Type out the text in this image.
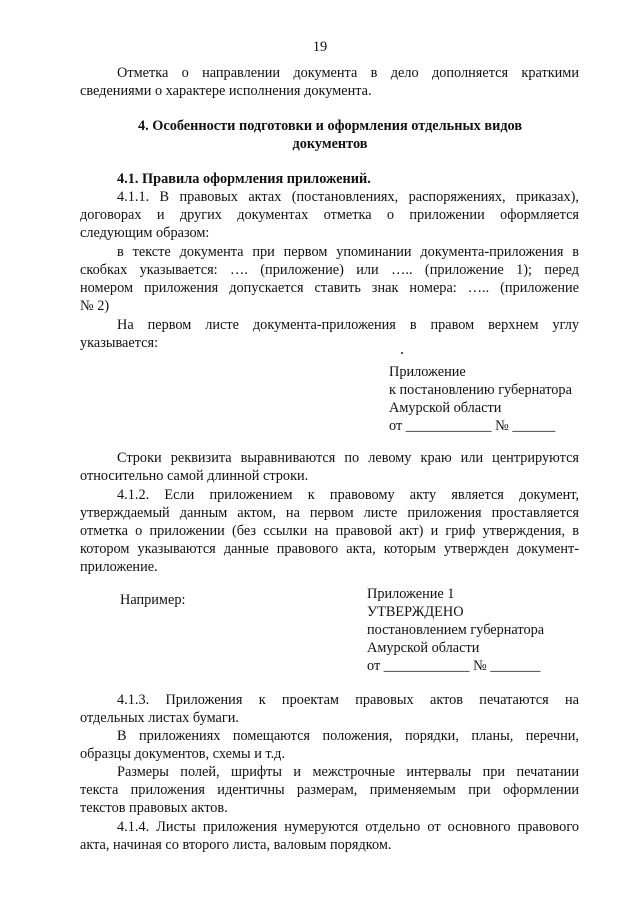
19
Отметка о направлении документа в дело дополняется краткими
сведениями о характере исполнения документа.
4. Особенности подготовки и оформления отдельных видов
документов
4.1. Правила оформления приложений.
4.1.1. В правовых актах (постановлениях, распоряжениях, приказах),
договорах и других документах отметка о приложении оформляется
следующим образом:
в тексте документа при первом упоминании документа-приложения в
скобках указывается: …. (приложение) или ….. (приложение 1); перед
номером приложения допускается ставить знак номера: ….. (приложение
№ 2)
На первом листе документа-приложения в правом верхнем углу
указывается:
Приложение
к постановлению губернатора
Амурской области
от ____________ № ______
Строки реквизита выравниваются по левому краю или центрируются
относительно самой длинной строки.
4.1.2. Если приложением к правовому акту является документ,
утверждаемый данным актом, на первом листе приложения проставляется
отметка о приложении (без ссылки на правовой акт) и гриф утверждения, в
котором указываются данные правового акта, которым утвержден документ-
приложение.
Например:	Приложение 1
УТВЕРЖДЕНО
постановлением губернатора
Амурской области
от ____________ № _______
4.1.3. Приложения к проектам правовых актов печатаются на
отдельных листах бумаги.
В приложениях помещаются положения, порядки, планы, перечни,
образцы документов, схемы и т.д.
Размеры полей, шрифты и межстрочные интервалы при печатании
текста приложения идентичны размерам, применяемым при оформлении
текстов правовых актов.
4.1.4. Листы приложения нумеруются отдельно от основного правового
акта, начиная со второго листа, валовым порядком.
